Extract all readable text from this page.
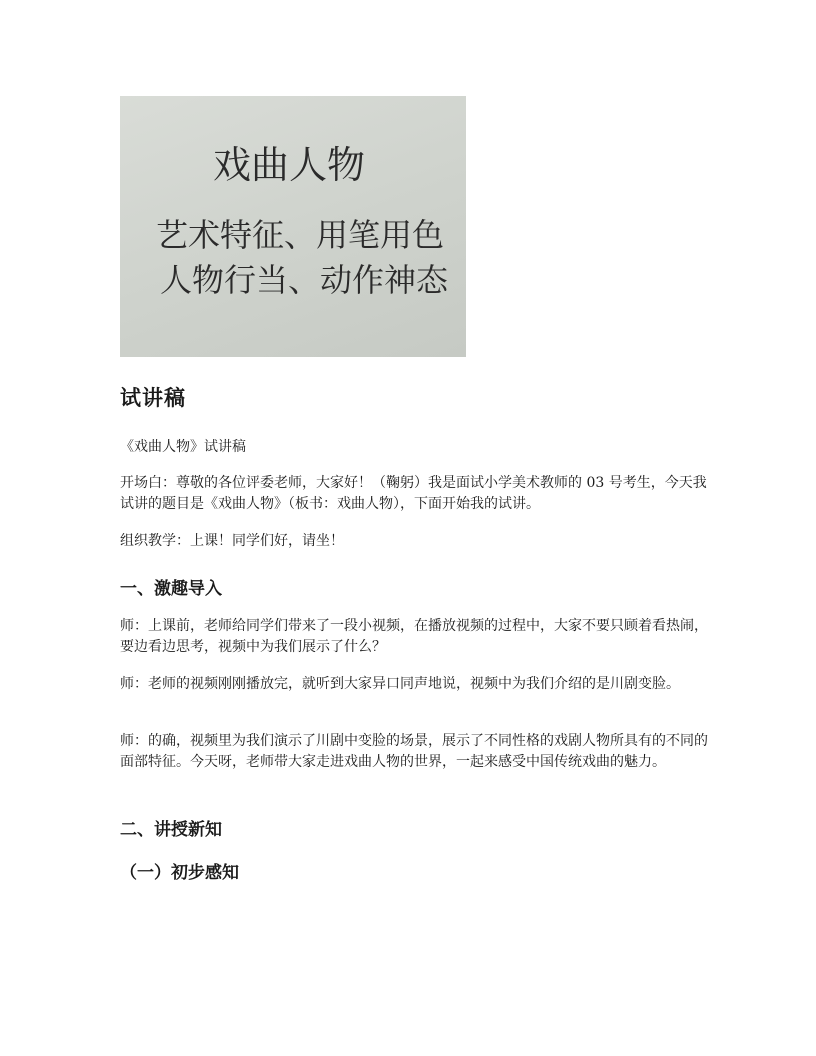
戏曲人物
艺术特征、用笔用色
人物行当、动作神态
试讲稿

《戏曲人物》试讲稿

开场白：尊敬的各位评委老师，大家好！（鞠躬）我是面试小学美术教师的 03 号考生，今天我试讲的题目是《戏曲人物》（板书：戏曲人物），下面开始我的试讲。

组织教学：上课！同学们好，请坐！

一、激趣导入

师：上课前，老师给同学们带来了一段小视频，在播放视频的过程中，大家不要只顾着看热闹，要边看边思考，视频中为我们展示了什么？

师：老师的视频刚刚播放完，就听到大家异口同声地说，视频中为我们介绍的是川剧变脸。

师：的确，视频里为我们演示了川剧中变脸的场景，展示了不同性格的戏剧人物所具有的不同的面部特征。今天呀，老师带大家走进戏曲人物的世界，一起来感受中国传统戏曲的魅力。

二、讲授新知
（一）初步感知
